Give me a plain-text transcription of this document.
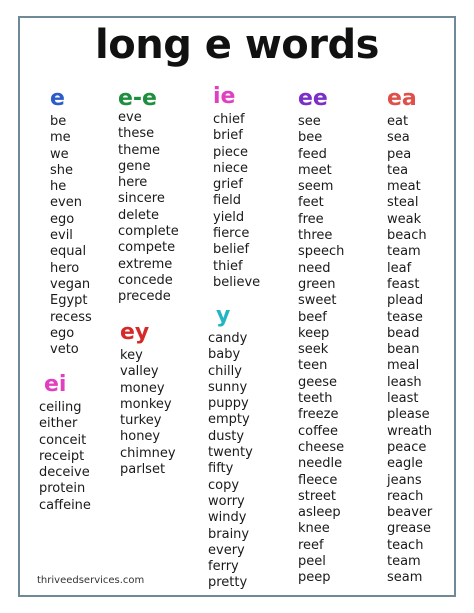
long e words
e
be
me
we
she
he
even
ego
evil
equal
hero
vegan
Egypt
recess
ego
veto
e-e
eve
these
theme
gene
here
sincere
delete
complete
compete
extreme
concede
precede
ie
chief
brief
piece
niece
grief
field
yield
fierce
belief
thief
believe
ey
key
valley
money
monkey
turkey
honey
chimney
parlset
ei
ceiling
either
conceit
receipt
deceive
protein
caffeine
y
candy
baby
chilly
sunny
puppy
empty
dusty
twenty
fifty
copy
worry
windy
brainy
every
ferry
pretty
ee
see
bee
feed
meet
seem
feet
free
three
speech
need
green
sweet
beef
keep
seek
teen
geese
teeth
freeze
coffee
cheese
needle
fleece
street
asleep
knee
reef
peel
peep
ea
eat
sea
pea
tea
meat
steal
weak
beach
team
leaf
feast
plead
tease
bead
bean
meal
leash
least
please
wreath
peace
eagle
jeans
reach
beaver
grease
teach
team
seam
thriveedservices.com
